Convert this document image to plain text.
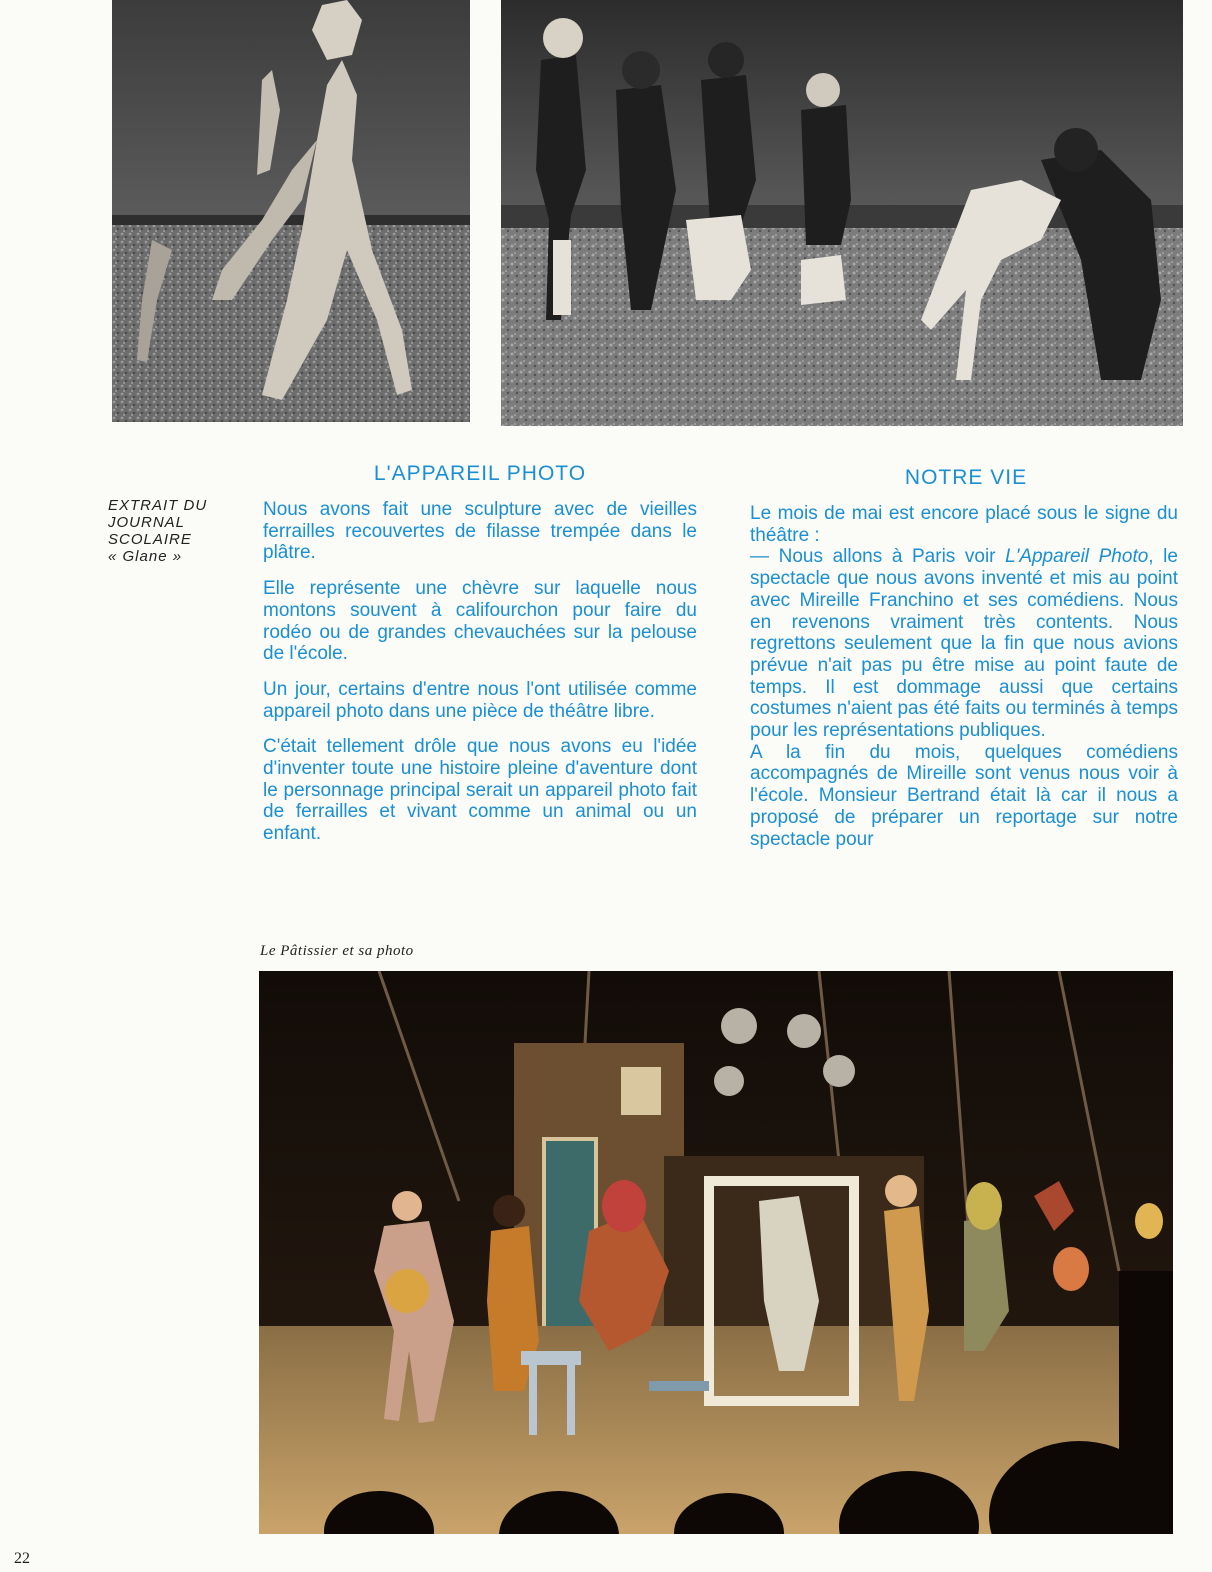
EXTRAIT DU
JOURNAL
SCOLAIRE
« Glane »
L'APPAREIL PHOTO

Nous avons fait une sculpture avec de vieilles ferrailles recouvertes de filasse trempée dans le plâtre.

Elle représente une chèvre sur laquelle nous montons souvent à califourchon pour faire du rodéo ou de grandes chevauchées sur la pelouse de l'école.

Un jour, certains d'entre nous l'ont utilisée comme appareil photo dans une pièce de théâtre libre.

C'était tellement drôle que nous avons eu l'idée d'inventer toute une histoire pleine d'aventure dont le personnage principal serait un appareil photo fait de ferrailles et vivant comme un animal ou un enfant.

NOTRE VIE

Le mois de mai est encore placé sous le signe du théâtre :

— Nous allons à Paris voir L'Appareil Photo, le spectacle que nous avons inventé et mis au point avec Mireille Franchino et ses comédiens. Nous en revenons vraiment très contents. Nous regrettons seulement que la fin que nous avions prévue n'ait pas pu être mise au point faute de temps. Il est dommage aussi que certains costumes n'aient pas été faits ou terminés à temps pour les représentations publiques.

A la fin du mois, quelques comédiens accompagnés de Mireille sont venus nous voir à l'école. Monsieur Bertrand était là car il nous a proposé de préparer un reportage sur notre spectacle pour

Le Pâtissier et sa photo
22
